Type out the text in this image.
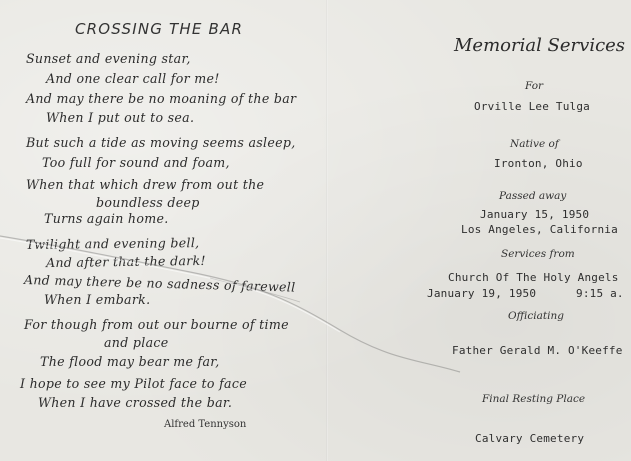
CROSSING THE BAR
Sunset and evening star,
And one clear call for me!
And may there be no moaning of the bar
When I put out to sea.
But such a tide as moving seems asleep,
Too full for sound and foam,
When that which drew from out the
boundless deep
Turns again home.
Twilight and evening bell,
And after that the dark!
And may there be no sadness of farewell
When I embark.
For though from out our bourne of time
and place
The flood may bear me far,
I hope to see my Pilot face to face
When I have crossed the bar.
Alfred Tennyson
Memorial Services
For
Orville Lee Tulga
Native of
Ironton, Ohio
Passed away
January 15, 1950
Los Angeles, California
Services from
Church Of The Holy Angels
January 19, 1950	9:15 a.
Officiating
Father Gerald M. O'Keeffe
Final Resting Place
Calvary Cemetery
